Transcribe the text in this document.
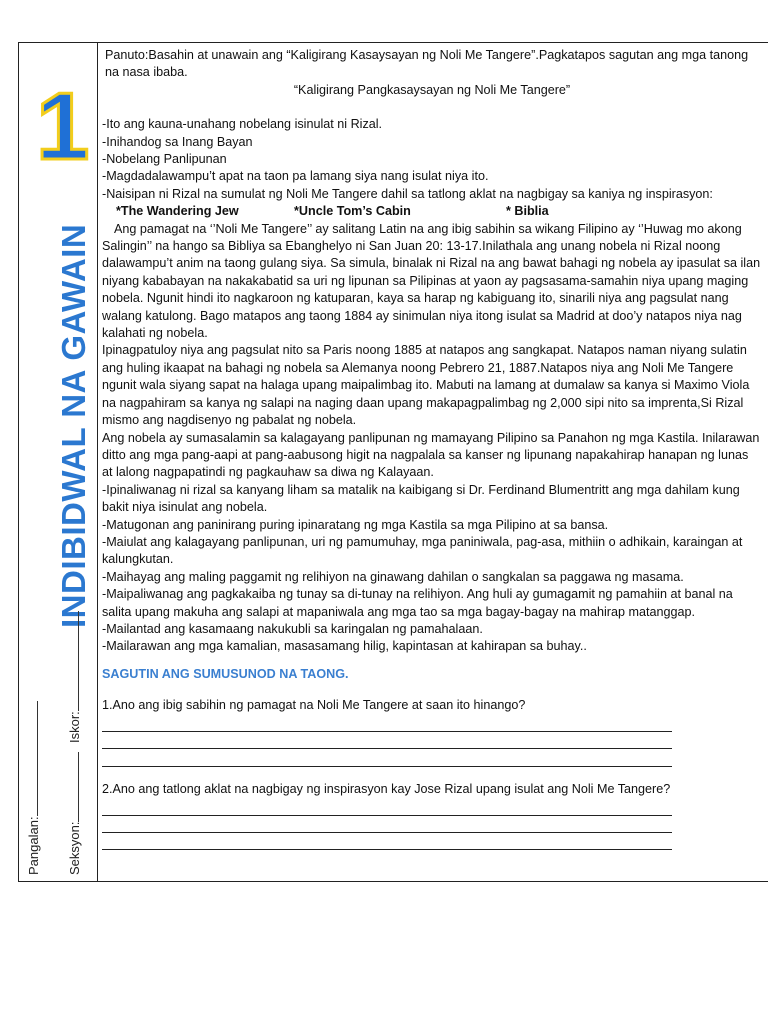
1
INDIBIDWAL NA GAWAIN
Pangalan: Seksyon:
Iskor:

Panuto:Basahin at unawain ang “Kaligirang Kasaysayan ng Noli Me Tangere”.Pagkatapos sagutan ang mga tanong na nasa ibaba.

“Kaligirang Pangkasaysayan ng Noli Me Tangere”

-Ito ang kauna-unahang nobelang isinulat ni Rizal.

-Inihandog sa Inang Bayan

-Nobelang Panlipunan

-Magdadalawampu’t apat na taon pa lamang siya nang isulat niya ito.

-Naisipan ni Rizal na sumulat ng Noli Me Tangere dahil sa tatlong aklat na nagbigay sa kaniya ng inspirasyon:

*The Wandering Jew	*Uncle Tom’s Cabin	* Biblia

Ang pamagat na ‘’Noli Me Tangere’’ ay salitang Latin na ang ibig sabihin sa wikang Filipino ay ‘’Huwag mo akong Salingin’’ na hango sa Bibliya sa Ebanghelyo ni San Juan 20: 13-17.Inilathala ang unang nobela ni Rizal noong dalawampu’t anim na taong gulang siya. Sa simula, binalak ni Rizal na ang bawat bahagi ng nobela ay ipasulat sa ilan niyang kababayan na nakakabatid sa uri ng lipunan sa Pilipinas at yaon ay pagsasama-samahin niya upang maging nobela. Ngunit hindi ito nagkaroon ng katuparan, kaya sa harap ng kabiguang ito, sinarili niya ang pagsulat nang walang katulong. Bago matapos ang taong 1884 ay sinimulan niya itong isulat sa Madrid at doo’y natapos niya nag kalahati ng nobela.

Ipinagpatuloy niya ang pagsulat nito sa Paris noong 1885 at natapos ang sangkapat. Natapos naman niyang sulatin ang huling ikaapat na bahagi ng nobela sa Alemanya noong Pebrero 21, 1887.Natapos niya ang Noli Me Tangere ngunit wala siyang sapat na halaga upang maipalimbag ito. Mabuti na lamang at dumalaw sa kanya si Maximo Viola na nagpahiram sa kanya ng salapi na naging daan upang makapagpalimbag ng 2,000 sipi nito sa imprenta,Si Rizal mismo ang nagdisenyo ng pabalat ng nobela.

Ang nobela ay sumasalamin sa kalagayang panlipunan ng mamayang Pilipino sa Panahon ng mga Kastila. Inilarawan ditto ang mga pang-aapi at pang-aabusong higit na nagpalala sa kanser ng lipunang napakahirap hanapan ng lunas at lalong nagpapatindi ng pagkauhaw sa diwa ng Kalayaan.

-Ipinaliwanag ni rizal sa kanyang liham sa matalik na kaibigang si Dr. Ferdinand Blumentritt ang mga dahilam kung bakit niya isinulat ang nobela.

-Matugonan ang paninirang puring ipinaratang ng mga Kastila sa mga Pilipino at sa bansa.

-Maiulat ang kalagayang panlipunan, uri ng pamumuhay, mga paniniwala, pag-asa, mithiin o adhikain, karaingan at kalungkutan.

-Maihayag ang maling paggamit ng relihiyon na ginawang dahilan o sangkalan sa paggawa ng masama.

-Maipaliwanag ang pagkakaiba ng tunay sa di-tunay na relihiyon. Ang huli ay gumagamit ng pamahiin at banal na salita upang makuha ang salapi at mapaniwala ang mga tao sa mga bagay-bagay na mahirap matanggap.

-Mailantad ang kasamaang nakukubli sa karingalan ng pamahalaan.

-Mailarawan ang mga kamalian, masasamang hilig, kapintasan at kahirapan sa buhay..

SAGUTIN ANG SUMUSUNOD NA TAONG.

1.Ano ang ibig sabihin ng pamagat na Noli Me Tangere at saan ito hinango?

2.Ano ang tatlong aklat na nagbigay ng inspirasyon kay Jose Rizal upang isulat ang Noli Me Tangere?
